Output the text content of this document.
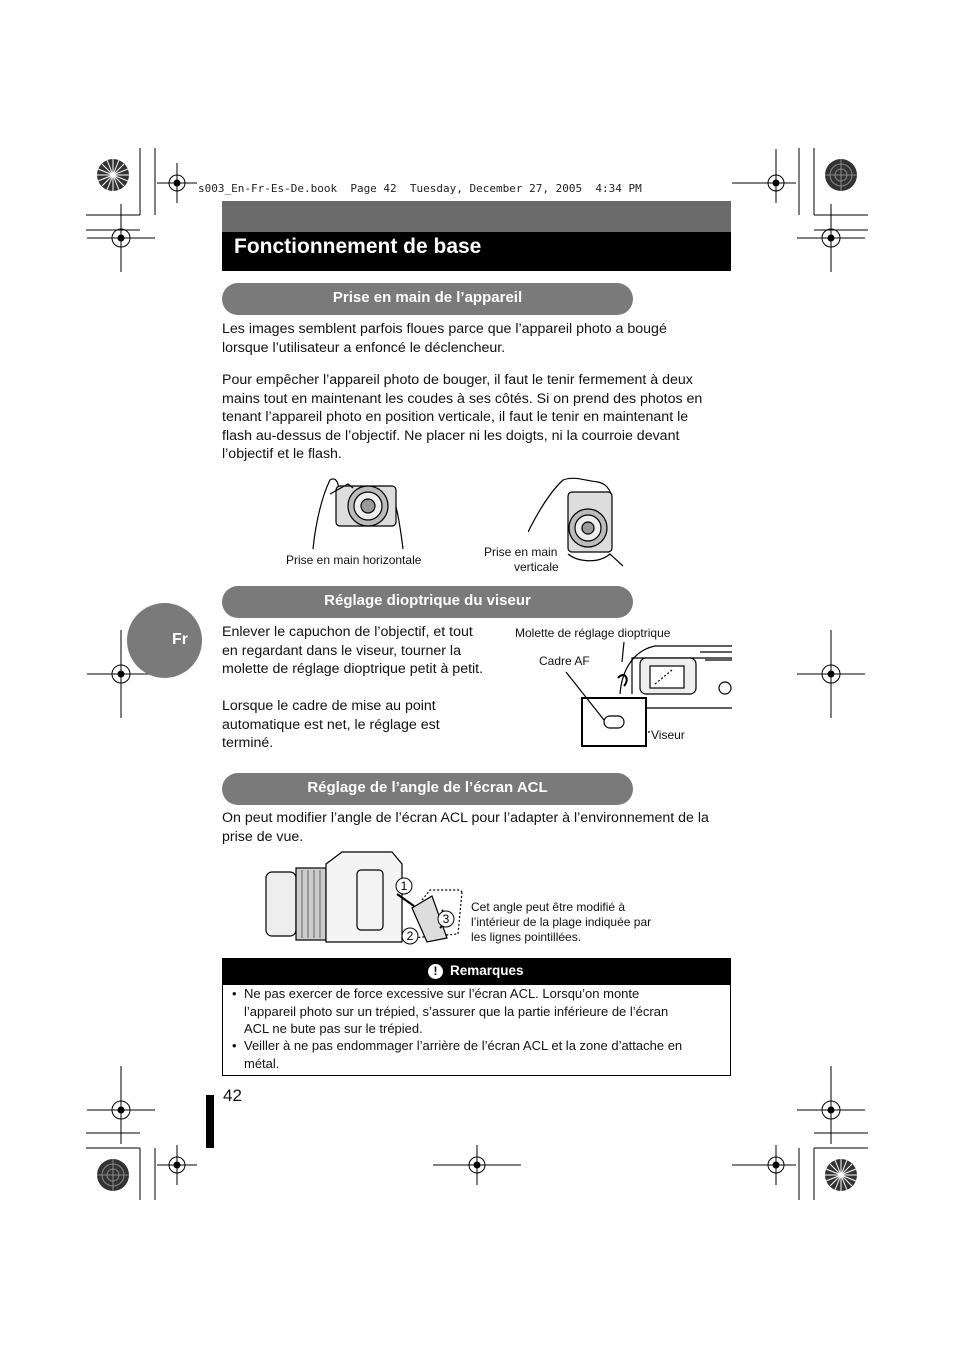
s003_En-Fr-Es-De.book  Page 42  Tuesday, December 27, 2005  4:34 PM
Fonctionnement de base
Prise en main de l’appareil
Les images semblent parfois floues parce que l’appareil photo a bougé
lorsque l’utilisateur a enfoncé le déclencheur.
Pour empêcher l’appareil photo de bouger, il faut le tenir fermement à deux
mains tout en maintenant les coudes à ses côtés. Si on prend des photos en
tenant l’appareil photo en position verticale, il faut le tenir en maintenant le
flash au-dessus de l’objectif. Ne placer ni les doigts, ni la courroie devant
l’objectif et le flash.
Prise en main horizontale
Prise en main
verticale
Fr
Réglage dioptrique du viseur
Enlever le capuchon de l’objectif, et tout
en regardant dans le viseur, tourner la
molette de réglage dioptrique petit à petit.
Lorsque le cadre de mise au point
automatique est net, le réglage est
terminé.
Molette de réglage dioptrique
Cadre AF
Viseur
Réglage de l’angle de l’écran ACL
On peut modifier l’angle de l’écran ACL pour l’adapter à l’environnement de la
prise de vue.
1
2
3
Cet angle peut être modifié à
l’intérieur de la plage indiquée par
les lignes pointillées.
! Remarques
• Ne pas exercer de force excessive sur l’écran ACL. Lorsqu’on monte
l’appareil photo sur un trépied, s’assurer que la partie inférieure de l’écran
ACL ne bute pas sur le trépied.
• Veiller à ne pas endommager l’arrière de l’écran ACL et la zone d’attache en
métal.
42
